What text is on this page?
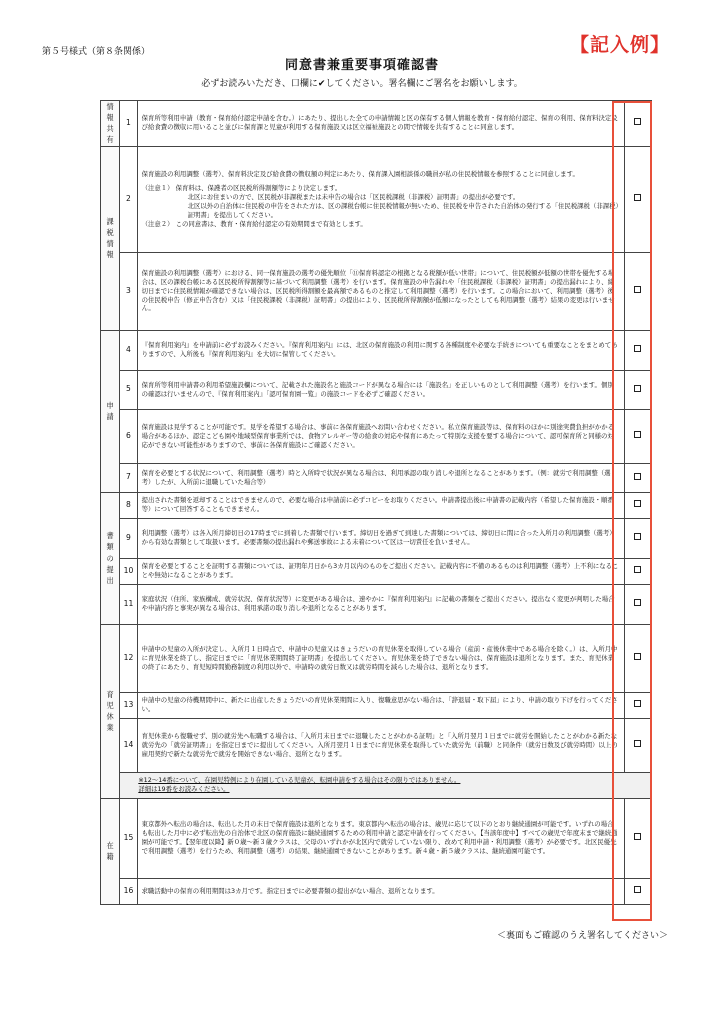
第５号様式（第８条関係）	【記入例】
同意書兼重要事項確認書
必ずお読みいただき、口欄に✔してください。署名欄にご署名をお願いします。
情報共有	1	保育所等利用申請（教育・保育給付認定申請を含む。）にあたり、提出した全ての申請情報と区の保有する個人情報を教育・保育給付認定、保育の利用、保育料決定及び給食費の徴収に用いること並びに保育課と児童が利用する保育施設又は区立福祉施設との間で情報を共有することに同意します。	
課税情報	2	保育施設の利用調整（選考）、保育料決定及び給食費の徴収額の判定にあたり、保育課入園相談係の職員が私の住民税情報を参照することに同意します。
（注意１） 保育料は、保護者の区民税所得割額等により決定します。
北区にお住まいの方で、区民税が非課税または未申告の場合は「区民税課税（非課税）証明書」の提出が必要です。
北区以外の自治体に住民税の申告をされた方は、区の課税台帳に住民税情報が無いため、住民税を申告された自治体の発行する「住民税課税（非課税）証明書」を提出してください。
（注意２） この同意書は、教育・保育給付認定の有効期間まで有効とします。	

	3	保育施設の利用調整（選考）における、同一保育施設の選考の優先順位「⑪保育料認定の根拠となる税額が低い世帯」について、住民税額が低額の世帯を優先する場合は、区の課税台帳にある区民税所得割額等に基づいて利用調整（選考）を行います。保育施設の申告漏れや「住民税課税（非課税）証明書」の提出漏れにより、締切日までに住民税情報が確認できない場合は、区民税所得割額を最高額であるものと推定して利用調整（選考）を行います。この場合において、利用調整（選考）後の住民税申告（修正申告含む）又は「住民税課税（非課税）証明書」の提出により、区民税所得割額が低額になったとしても利用調整（選考）結果の変更は行いません。	
申請	4	『保育利用案内』を申請前に必ずお読みください。『保育利用案内』には、北区の保育施設の利用に関する各種制度や必要な手続きについても重要なことをまとめてありますので、入所後も『保育利用案内』を大切に保管してください。	
	5	保育所等利用申請書の利用希望施設欄について、記載された施設名と施設コードが異なる場合には「施設名」を正しいものとして利用調整（選考）を行います。個別の確認は行いませんので、『保育利用案内』「認可保育園一覧」の施設コードを必ずご確認ください。	
	6	保育施設は見学することが可能です。見学を希望する場合は、事前に各保育施設へお問い合わせください。私立保育施設等は、保育料のほかに別途実費負担がかかる場合があるほか、認定こども園や地域型保育事業所では、食物アレルギー等の給食の対応や保育にあたって特別な支援を要する場合について、認可保育所と同様の対応ができない可能性がありますので、事前に各保育施設にご確認ください。	
	7	保育を必要とする状況について、利用調整（選考）時と入所時で状況が異なる場合は、利用承認の取り消しや退所となることがあります。（例：就労で利用調整（選考）したが、入所前に退職していた場合等）	
書類の提出	8	提出された書類を返却することはできませんので、必要な場合は申請前に必ずコピーをお取りください。申請書提出後に申請書の記載内容（希望した保育施設・順番等）について回答することもできません。	
	9	利用調整（選考）は各入所月締切日の17時までに到着した書類で行います。締切日を過ぎて到達した書類については、締切日に間に合った入所月の利用調整（選考）から有効な書類として取扱います。必要書類の提出漏れや郵送事故による未着について区は一切責任を負いません。	
	10	保育を必要とすることを証明する書類については、証明年月日から3カ月以内のものをご提出ください。記載内容に不備のあるものは利用調整（選考）上不利になることや無効になることがあります。	
	11	家庭状況（住所、家族構成、就労状況、保育状況等）に変更がある場合は、速やかに『保育利用案内』に記載の書類をご提出ください。提出なく変更が判明した場合や申請内容と事実が異なる場合は、利用承諾の取り消しや退所となることがあります。	
育児休業	12	申請中の児童の入所が決定し、入所月１日時点で、申請中の児童又はきょうだいの育児休業を取得している場合（産前・産後休業中である場合を除く。）は、入所月中に育児休業を終了し、指定日までに「育児休業期間終了証明書」を提出してください。育児休業を終了できない場合は、保育施設は退所となります。また、育児休業の終了にあたり、育児短時間勤務制度の利用以外で、申請時の就労日数又は就労時間を減らした場合は、退所となります。	
	13	申請中の児童の待機期間中に、新たに出産したきょうだいの育児休業期間に入り、復職意思がない場合は、「辞退届・取下届」により、申請の取り下げを行ってください。	
	14	育児休業から復職せず、別の就労先へ転職する場合は、「入所月末日までに退職したことがわかる証明」と「入所月翌月１日までに就労を開始したことがわかる新たな就労先の「就労証明書」」を指定日までに提出してください。入所月翌月１日までに育児休業を取得していた就労先（前職）と同条件（就労日数及び就労時間）以上の雇用契約で新たな就労先で就労を開始できない場合、退所となります。	

	※12～14番について、在園児特例により在園している児童が、転園申請をする場合はその限りではありません。
詳細は19番をお読みください。		

在籍	15	東京都外へ転出の場合は、転出した月の末日で保育施設は退所となります。東京都内へ転出の場合は、歳児に応じて以下のとおり継続通園が可能です。いずれの場合も転出した月中に必ず転出先の自治体で北区の保育施設に継続通園するための利用申請と認定申請を行ってください。【当該年度中】すべての歳児で年度末まで継続通園が可能です。【翌年度以降】新０歳～新３歳クラスは、父母のいずれかが北区内で就労していない限り、改めて利用申請・利用調整（選考）が必要です。北区民優先で利用調整（選考）を行うため、利用調整（選考）の結果、継続通園できないことがあります。新４歳・新５歳クラスは、継続通園可能です。	
	16	求職活動中の保育の利用期間は3カ月です。指定日までに必要書類の提出がない場合、退所となります。	
＜裏面もご確認のうえ署名してください＞
